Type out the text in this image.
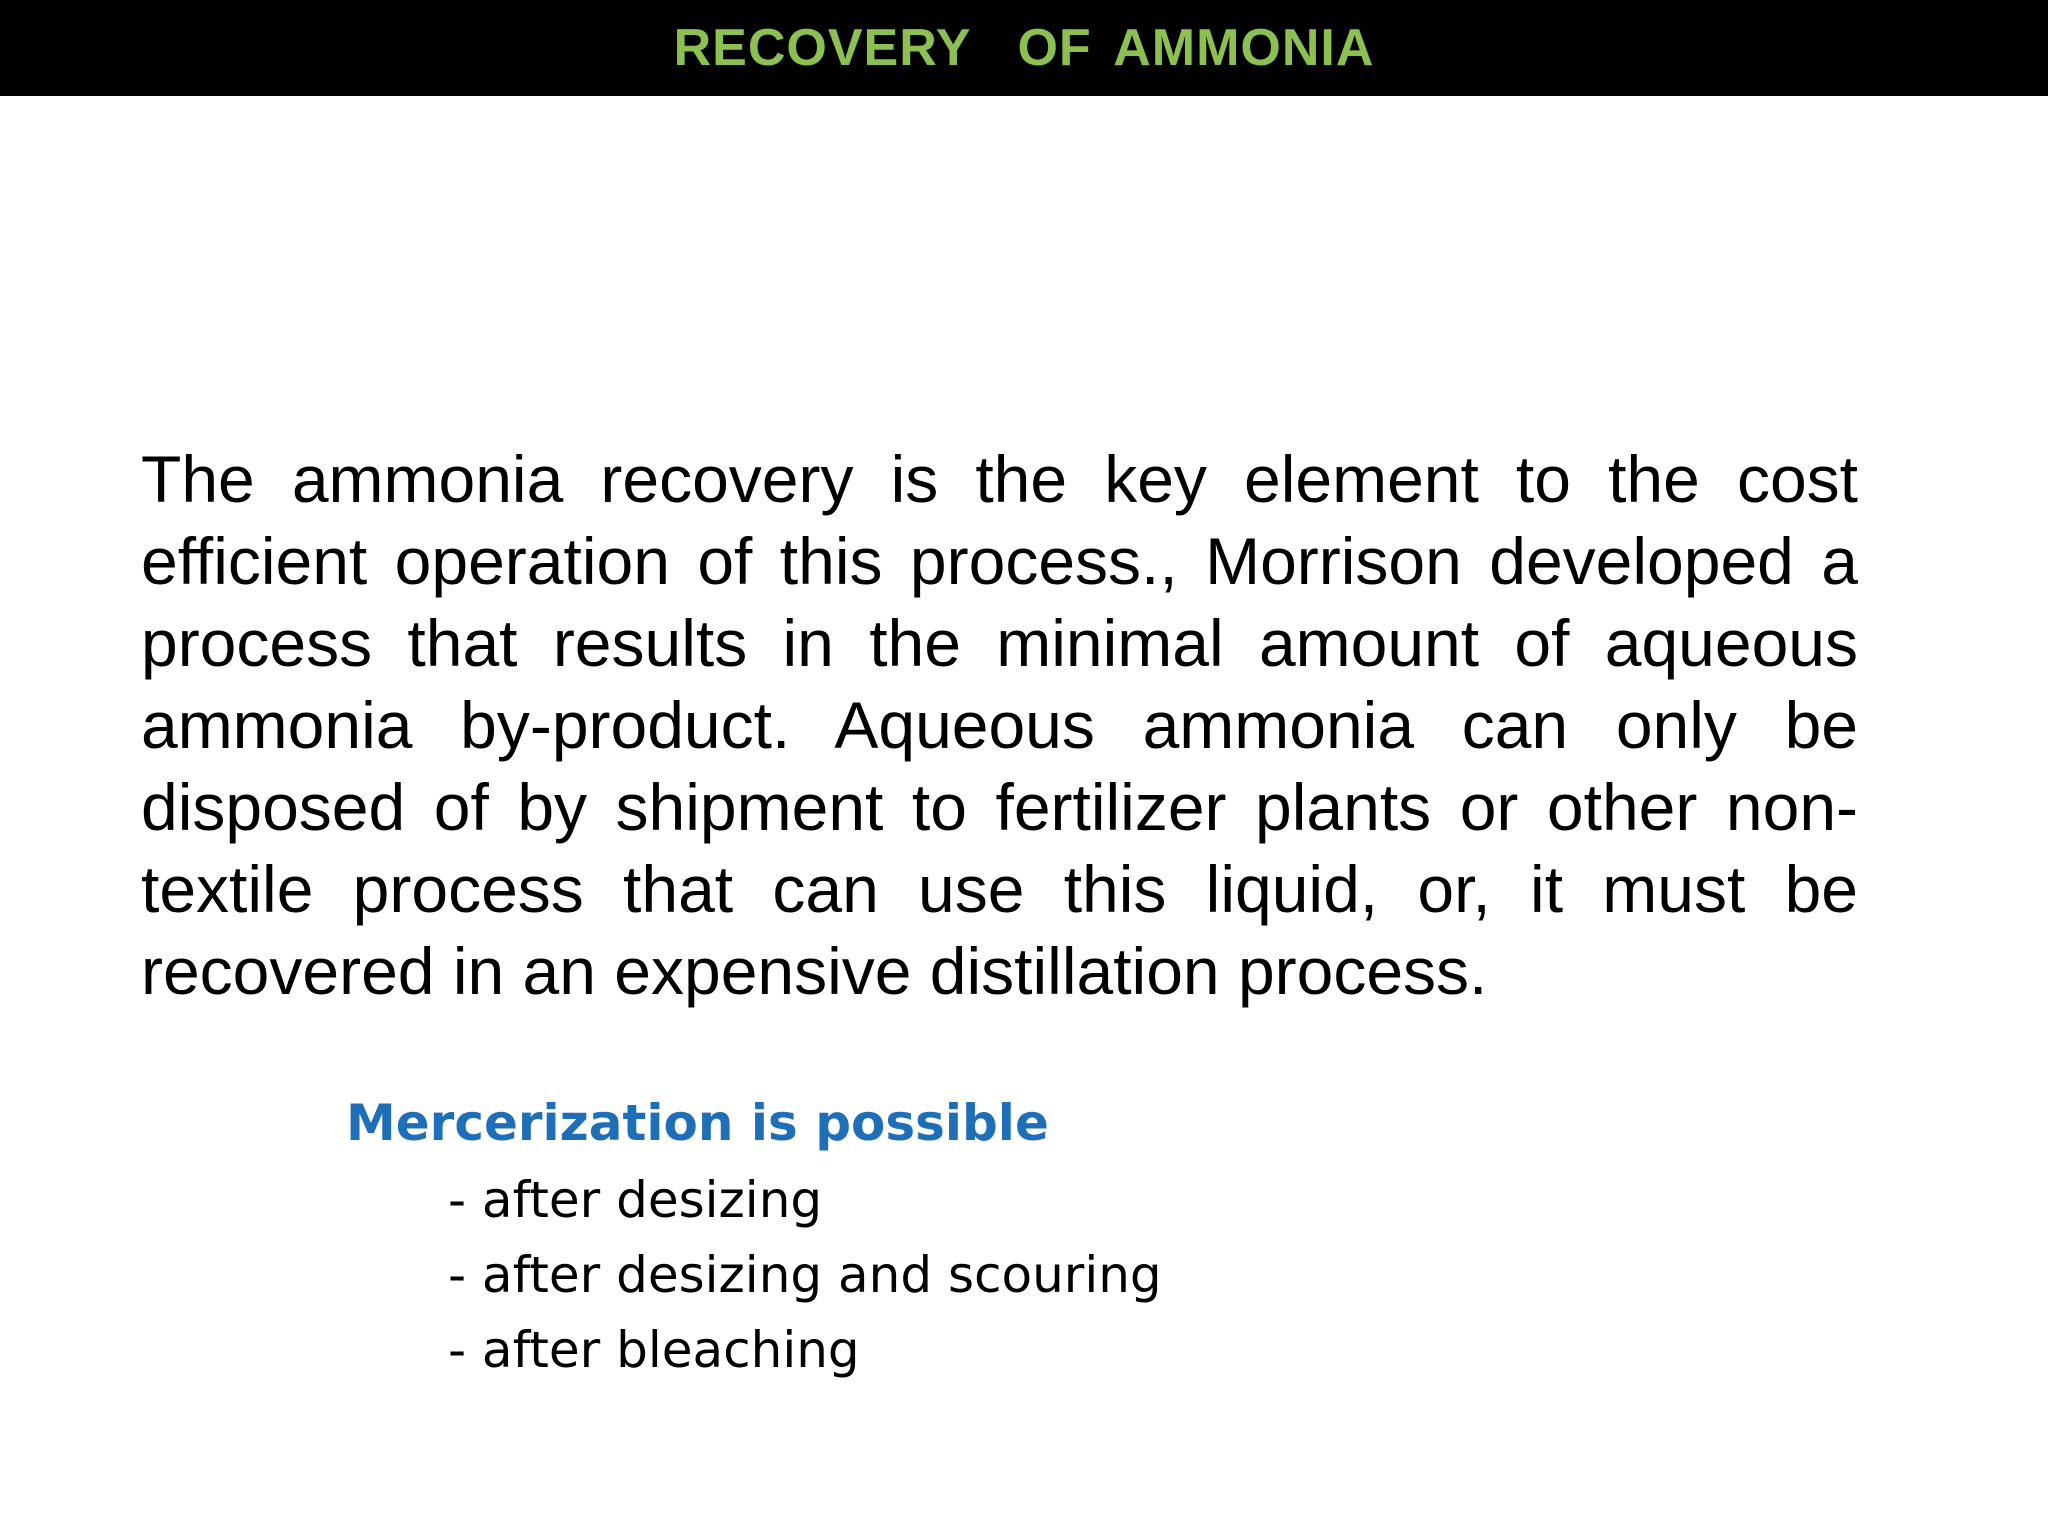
RECOVERY  OF AMMONIA

The ammonia recovery is the key element to the cost efficient operation of this process., Morrison developed a process that results in the minimal amount of aqueous ammonia by-product. Aqueous ammonia can only be disposed of by shipment to fertilizer plants or other non-textile process that can use this liquid, or, it must be recovered in an expensive distillation process.

Mercerization is possible
- after desizing
- after desizing and scouring
- after bleaching
